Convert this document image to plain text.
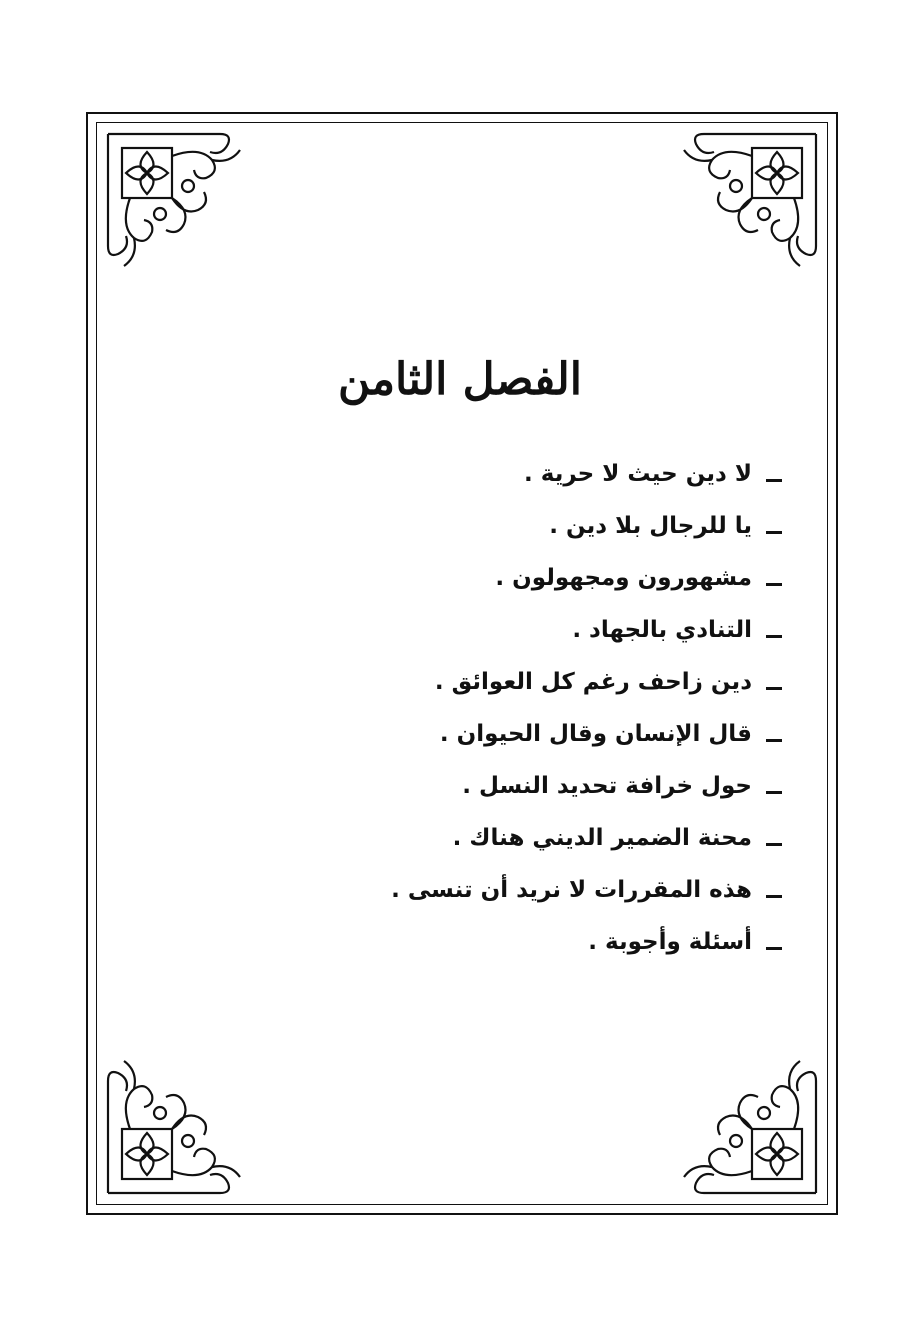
الفصل الثامن
لا دين حيث لا حرية .
يا للرجال بلا دين .
مشهورون ومجهولون .
التنادي بالجهاد .
دين زاحف رغم كل العوائق .
قال الإنسان وقال الحيوان .
حول خرافة تحديد النسل .
محنة الضمير الديني هناك .
هذه المقررات لا نريد أن تنسى .
أسئلة وأجوبة .
